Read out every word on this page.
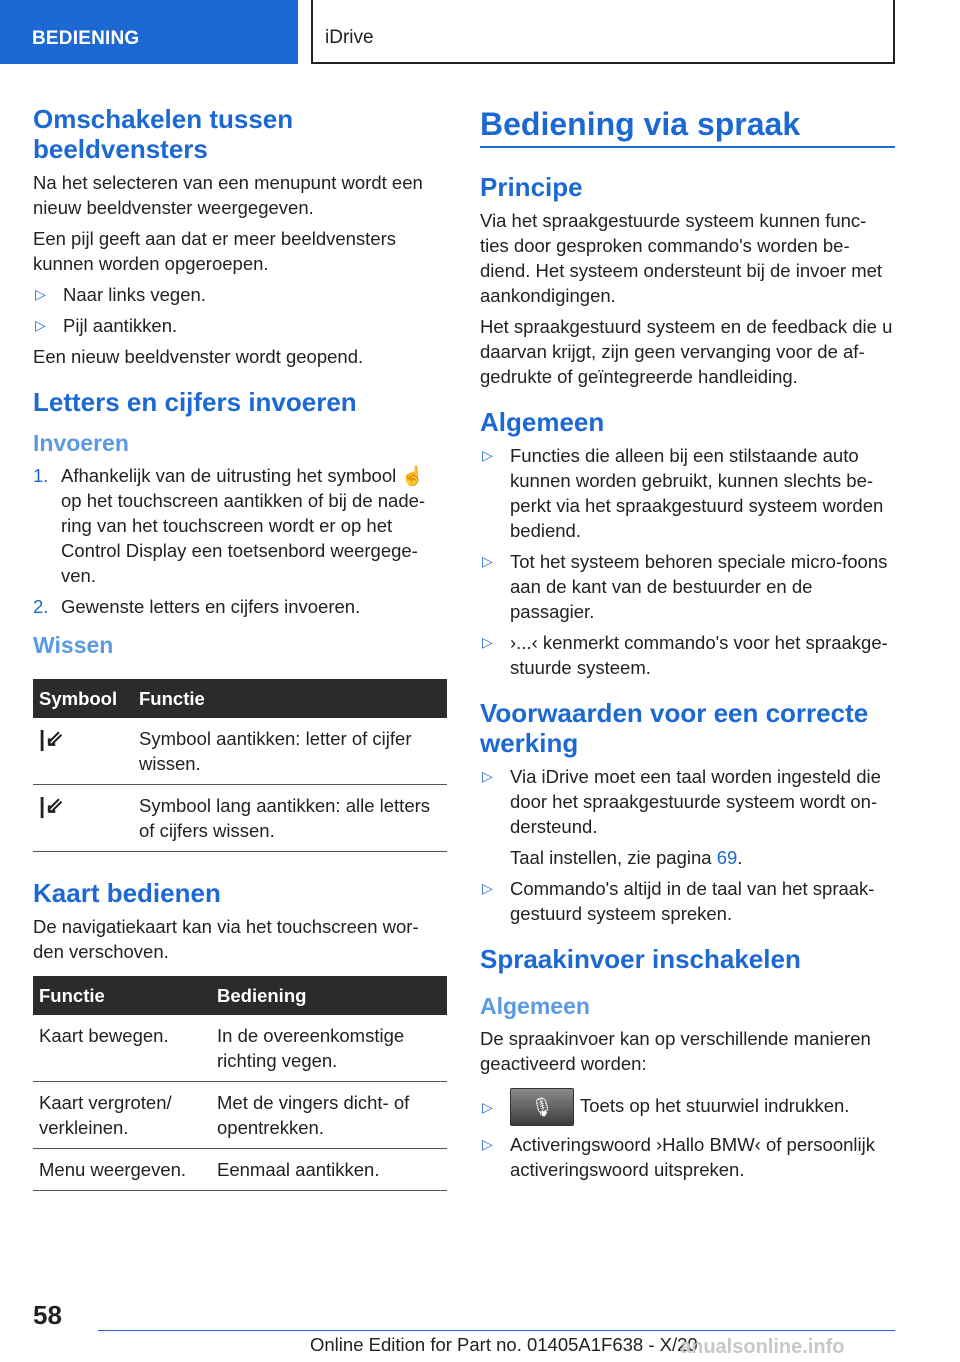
BEDIENING	iDrive
Omschakelen tussen beeldvensters

Na het selecteren van een menupunt wordt een nieuw beeldvenster weergegeven.

Een pijl geeft aan dat er meer beeldvensters kunnen worden opgeroepen.

▷ Naar links vegen.
▷ Pijl aantikken.

Een nieuw beeldvenster wordt geopend.

Letters en cijfers invoeren
Invoeren
1. Afhankelijk van de uitrusting het symbool ☝ op het touchscreen aantikken of bij de nade-ring van het touchscreen wordt er op het Control Display een toetsenbord weergege-ven.
2. Gewenste letters en cijfers invoeren.
Wissen
Symbool	Functie
|⇙	Symbool aantikken: letter of cijfer wissen.
|⇙	Symbool lang aantikken: alle letters of cijfers wissen.
Kaart bedienen

De navigatiekaart kan via het touchscreen wor-den verschoven.

Functie	Bediening
Kaart bewegen.	In de overeenkomstige richting vegen.
Kaart vergroten/ verkleinen.	Met de vingers dicht- of opentrekken.
Menu weergeven.	Eenmaal aantikken.
Bediening via spraak
Principe

Via het spraakgestuurde systeem kunnen func-ties door gesproken commando's worden be-diend. Het systeem ondersteunt bij de invoer met aankondigingen.

Het spraakgestuurd systeem en de feedback die u daarvan krijgt, zijn geen vervanging voor de af-gedrukte of geïntegreerde handleiding.

Algemeen
▷ Functies die alleen bij een stilstaande auto kunnen worden gebruikt, kunnen slechts be-perkt via het spraakgestuurd systeem worden bediend.
▷ Tot het systeem behoren speciale micro-foons aan de kant van de bestuurder en de passagier.
▷ ›...‹ kenmerkt commando's voor het spraakge-stuurde systeem.
Voorwaarden voor een correcte werking
▷ Via iDrive moet een taal worden ingesteld die door het spraakgestuurde systeem wordt on-dersteund.
Taal instellen, zie pagina 69.
▷ Commando's altijd in de taal van het spraak-gestuurd systeem spreken.
Spraakinvoer inschakelen
Algemeen

De spraakinvoer kan op verschillende manieren geactiveerd worden:

▷	🎙 Toets op het stuurwiel indrukken.
▷ Activeringswoord ›Hallo BMW‹ of persoonlijk activeringswoord uitspreken.
58
Online Edition for Part no. 01405A1F638 - X/20
anualsonline.info
